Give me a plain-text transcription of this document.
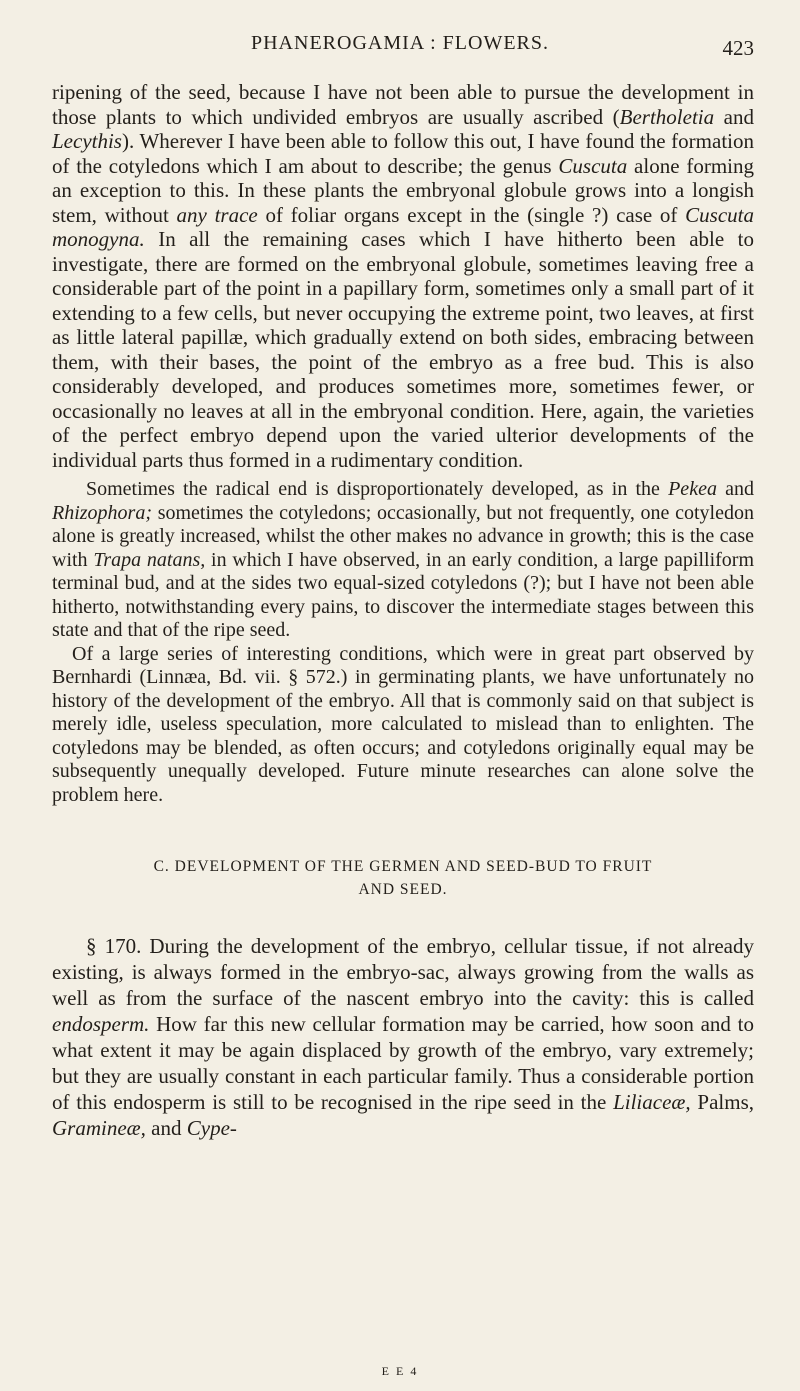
PHANEROGAMIA : FLOWERS.	423

ripening of the seed, because I have not been able to pursue the development in those plants to which undivided embryos are usually ascribed (Bertholetia and Lecythis). Wherever I have been able to follow this out, I have found the formation of the cotyledons which I am about to describe; the genus Cuscuta alone forming an exception to this. In these plants the embryonal globule grows into a longish stem, without any trace of foliar organs except in the (single ?) case of Cuscuta monogyna. In all the remaining cases which I have hitherto been able to investigate, there are formed on the embryonal globule, sometimes leaving free a considerable part of the point in a papillary form, sometimes only a small part of it extending to a few cells, but never occupying the extreme point, two leaves, at first as little lateral papillæ, which gradually extend on both sides, embracing between them, with their bases, the point of the embryo as a free bud. This is also considerably developed, and produces sometimes more, sometimes fewer, or occasionally no leaves at all in the embryonal condition. Here, again, the varieties of the perfect embryo depend upon the varied ulterior developments of the individual parts thus formed in a rudimentary condition.

Sometimes the radical end is disproportionately developed, as in the Pekea and Rhizophora; sometimes the cotyledons; occasionally, but not frequently, one cotyledon alone is greatly increased, whilst the other makes no advance in growth; this is the case with Trapa natans, in which I have observed, in an early condition, a large papilliform terminal bud, and at the sides two equal-sized cotyledons (?); but I have not been able hitherto, notwithstanding every pains, to discover the intermediate stages between this state and that of the ripe seed.

Of a large series of interesting conditions, which were in great part observed by Bernhardi (Linnæa, Bd. vii. § 572.) in germinating plants, we have unfortunately no history of the development of the embryo. All that is commonly said on that subject is merely idle, useless speculation, more calculated to mislead than to enlighten. The cotyledons may be blended, as often occurs; and cotyledons originally equal may be subsequently unequally developed. Future minute researches can alone solve the problem here.

C. DEVELOPMENT OF THE GERMEN AND SEED-BUD TO FRUIT
AND SEED.

§ 170. During the development of the embryo, cellular tissue, if not already existing, is always formed in the embryo-sac, always growing from the walls as well as from the surface of the nascent embryo into the cavity: this is called endosperm. How far this new cellular formation may be carried, how soon and to what extent it may be again displaced by growth of the embryo, vary extremely; but they are usually constant in each particular family. Thus a considerable portion of this endosperm is still to be recognised in the ripe seed in the Liliaceæ, Palms, Gramineæ, and Cype-

E E 4
